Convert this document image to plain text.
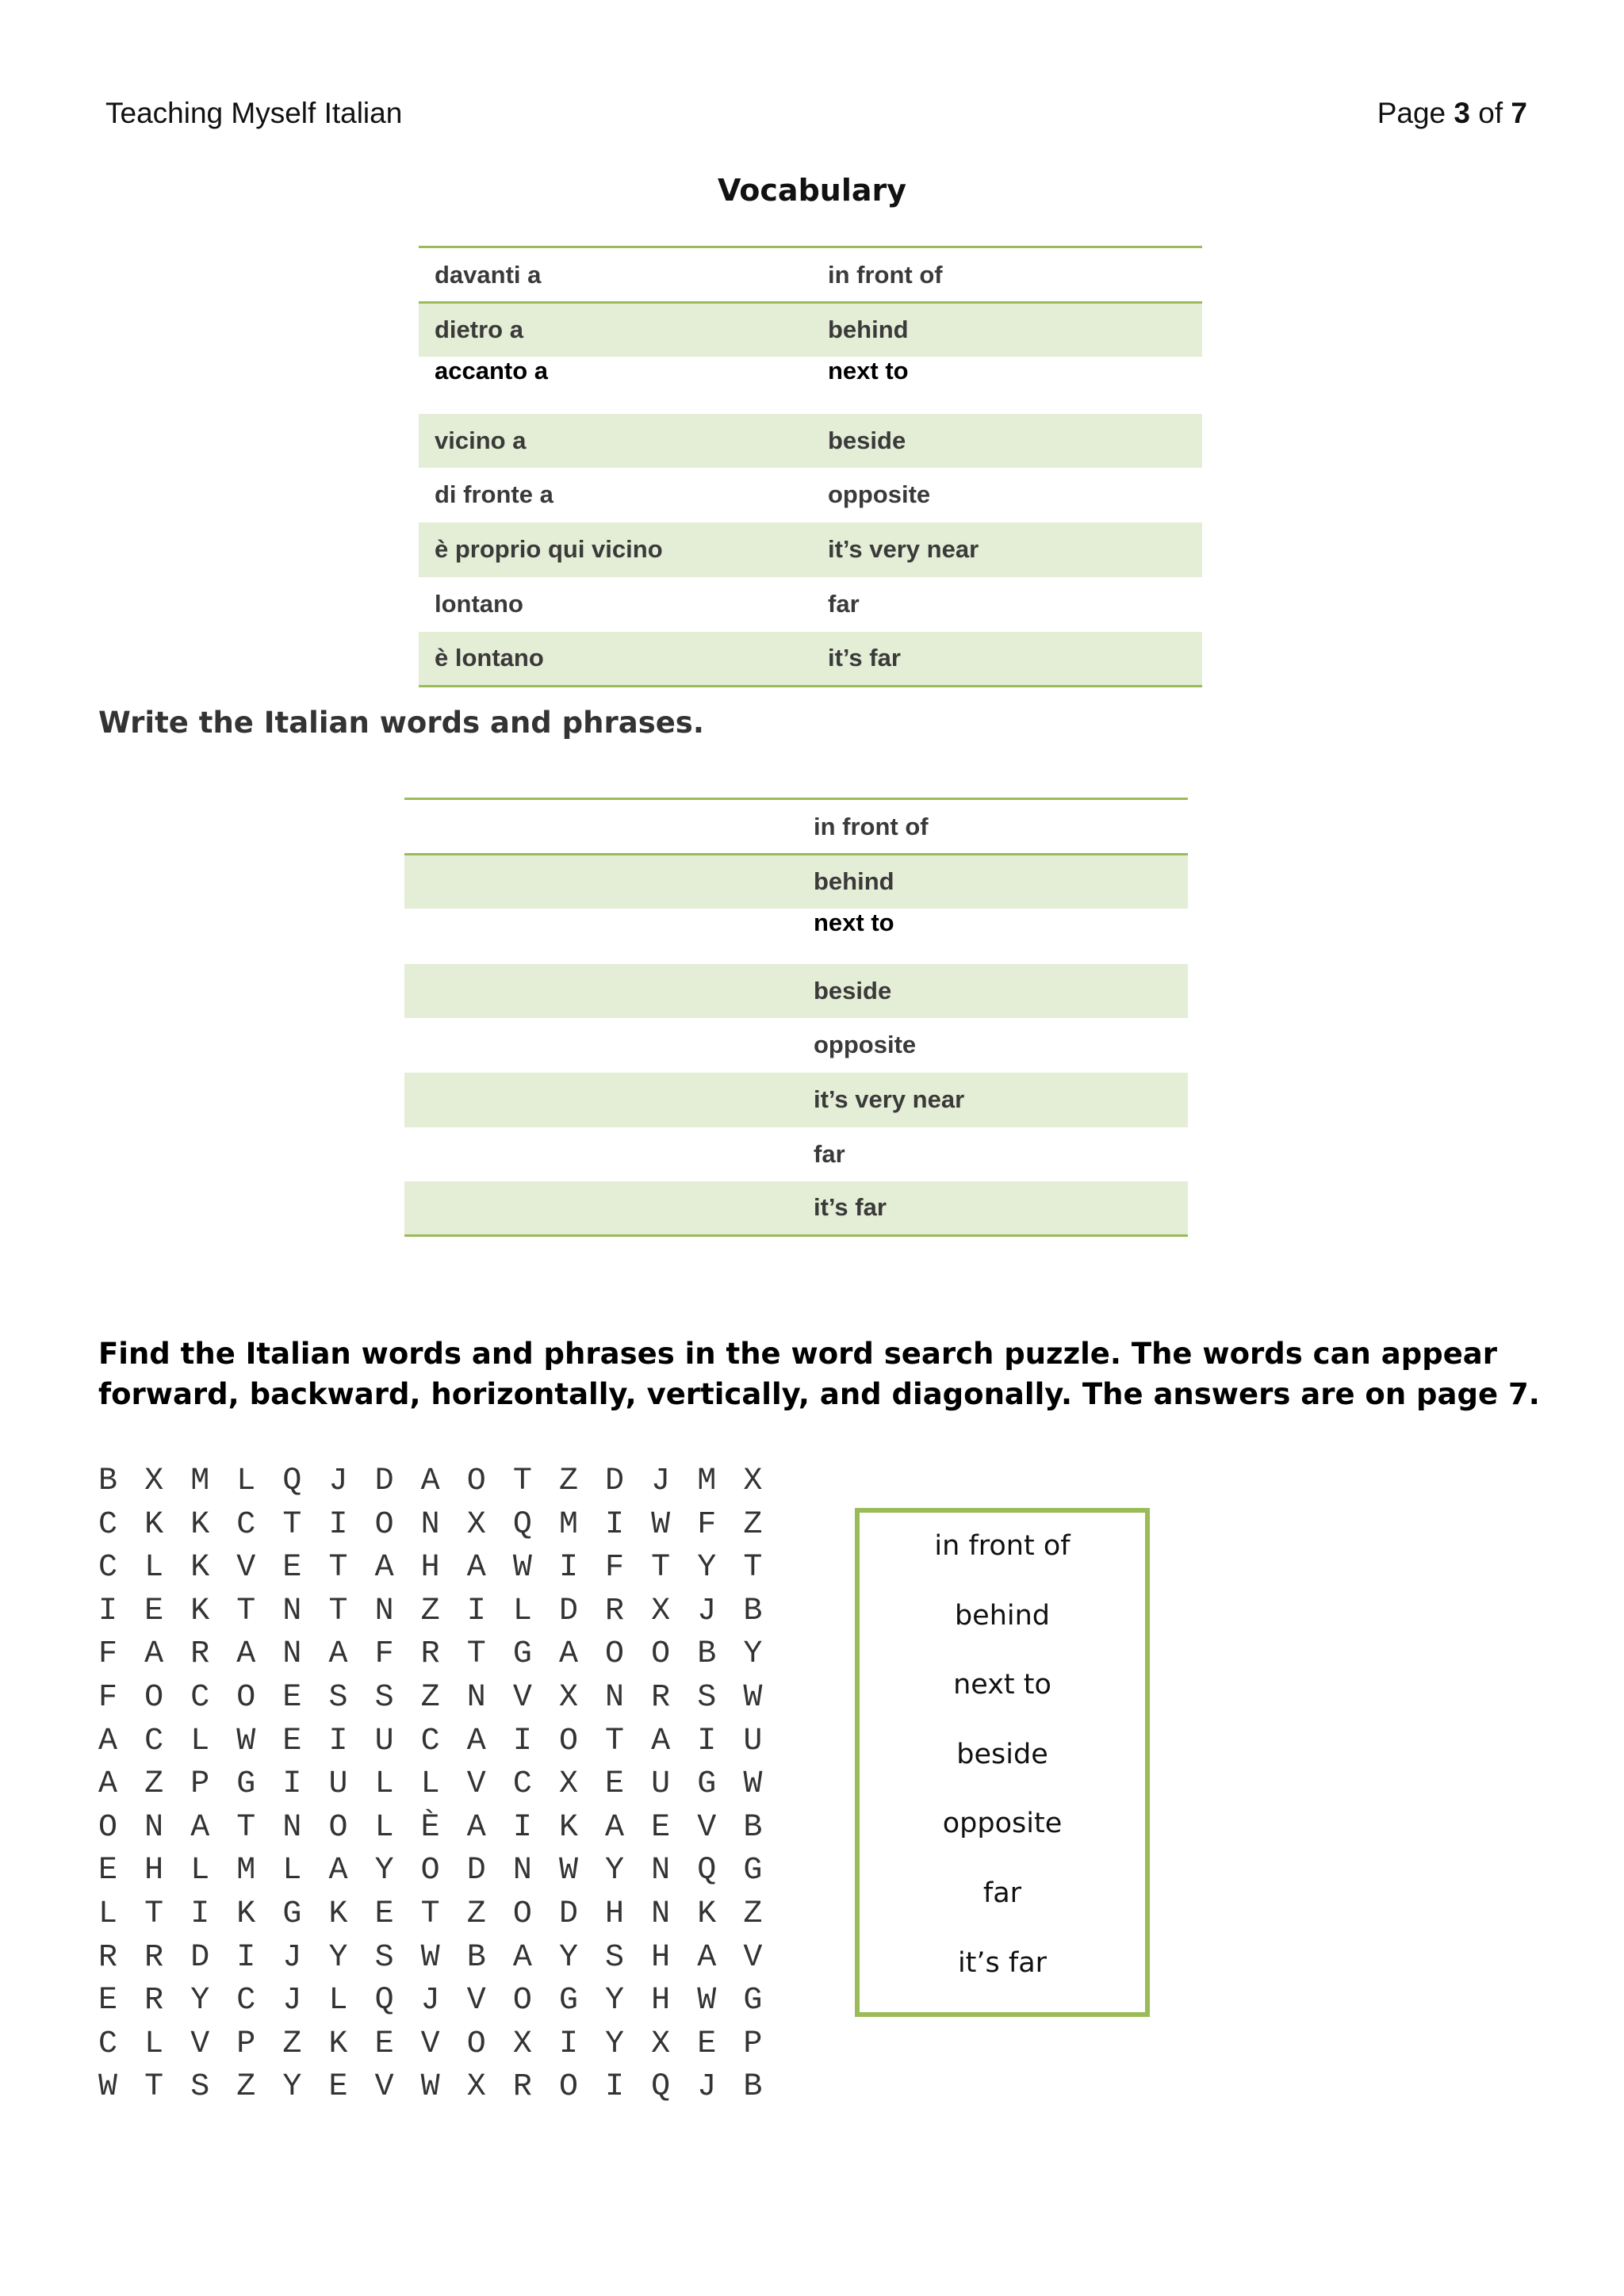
Teaching Myself Italian	Page 3 of 7
Vocabulary
davanti a	in front of
dietro a	behind
accanto a	next to
vicino a	beside
di fronte a	opposite
è proprio qui vicino	it’s very near
lontano	far
è lontano	it’s far
Write the Italian words and phrases.
	in front of
	behind
	next to
	beside
	opposite
	it’s very near
	far
	it’s far
Find the Italian words and phrases in the word search puzzle. The words can appear forward, backward, horizontally, vertically, and diagonally. The answers are on page 7.
B X M L Q J D A O T Z D J M X
C K K C T I O N X Q M I W F Z
C L K V E T A H A W I F T Y T
I E K T N T N Z I L D R X J B
F A R A N A F R T G A O O B Y
F O C O E S S Z N V X N R S W
A C L W E I U C A I O T A I U
A Z P G I U L L V C X E U G W
O N A T N O L È A I K A E V B
E H L M L A Y O D N W Y N Q G
L T I K G K E T Z O D H N K Z
R R D I J Y S W B A Y S H A V
E R Y C J L Q J V O G Y H W G
C L V P Z K E V O X I Y X E P
W T S Z Y E V W X R O I Q J B
in front of
behind
next to
beside
opposite
far
it’s far
